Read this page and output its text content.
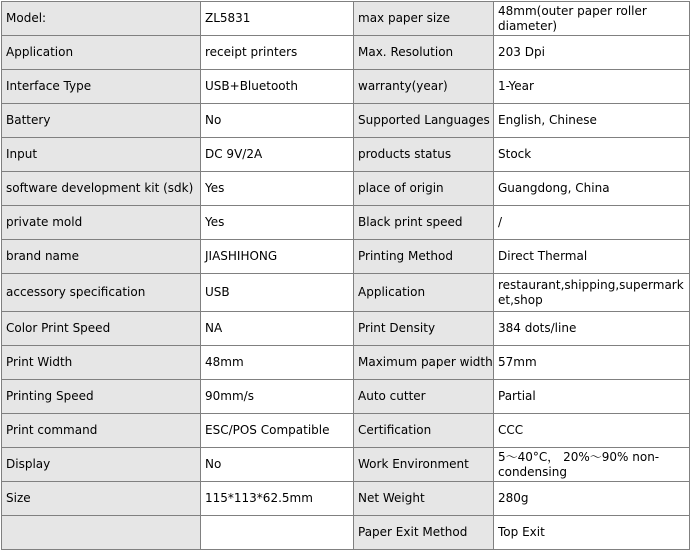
Model:	ZL5831	max paper size	48mm(outer paper roller diameter)
Application	receipt printers	Max. Resolution	203 Dpi
Interface Type	USB+Bluetooth	warranty(year)	1-Year
Battery	No	Supported Languages	English, Chinese
Input	DC 9V/2A	products status	Stock
software development kit (sdk)	Yes	place of origin	Guangdong, China
private mold	Yes	Black print speed	/
brand name	JIASHIHONG	Printing Method	Direct Thermal
accessory specification	USB	Application	restaurant,shipping,supermarket,shop
Color Print Speed	NA	Print Density	384 dots/line
Print Width	48mm	Maximum paper width	57mm
Printing Speed	90mm/s	Auto cutter	Partial
Print command	ESC/POS Compatible	Certification	CCC
Display	No	Work Environment	5～40°C， 20%～90% non-condensing
Size	115*113*62.5mm	Net Weight	280g
		Paper Exit Method	Top Exit
